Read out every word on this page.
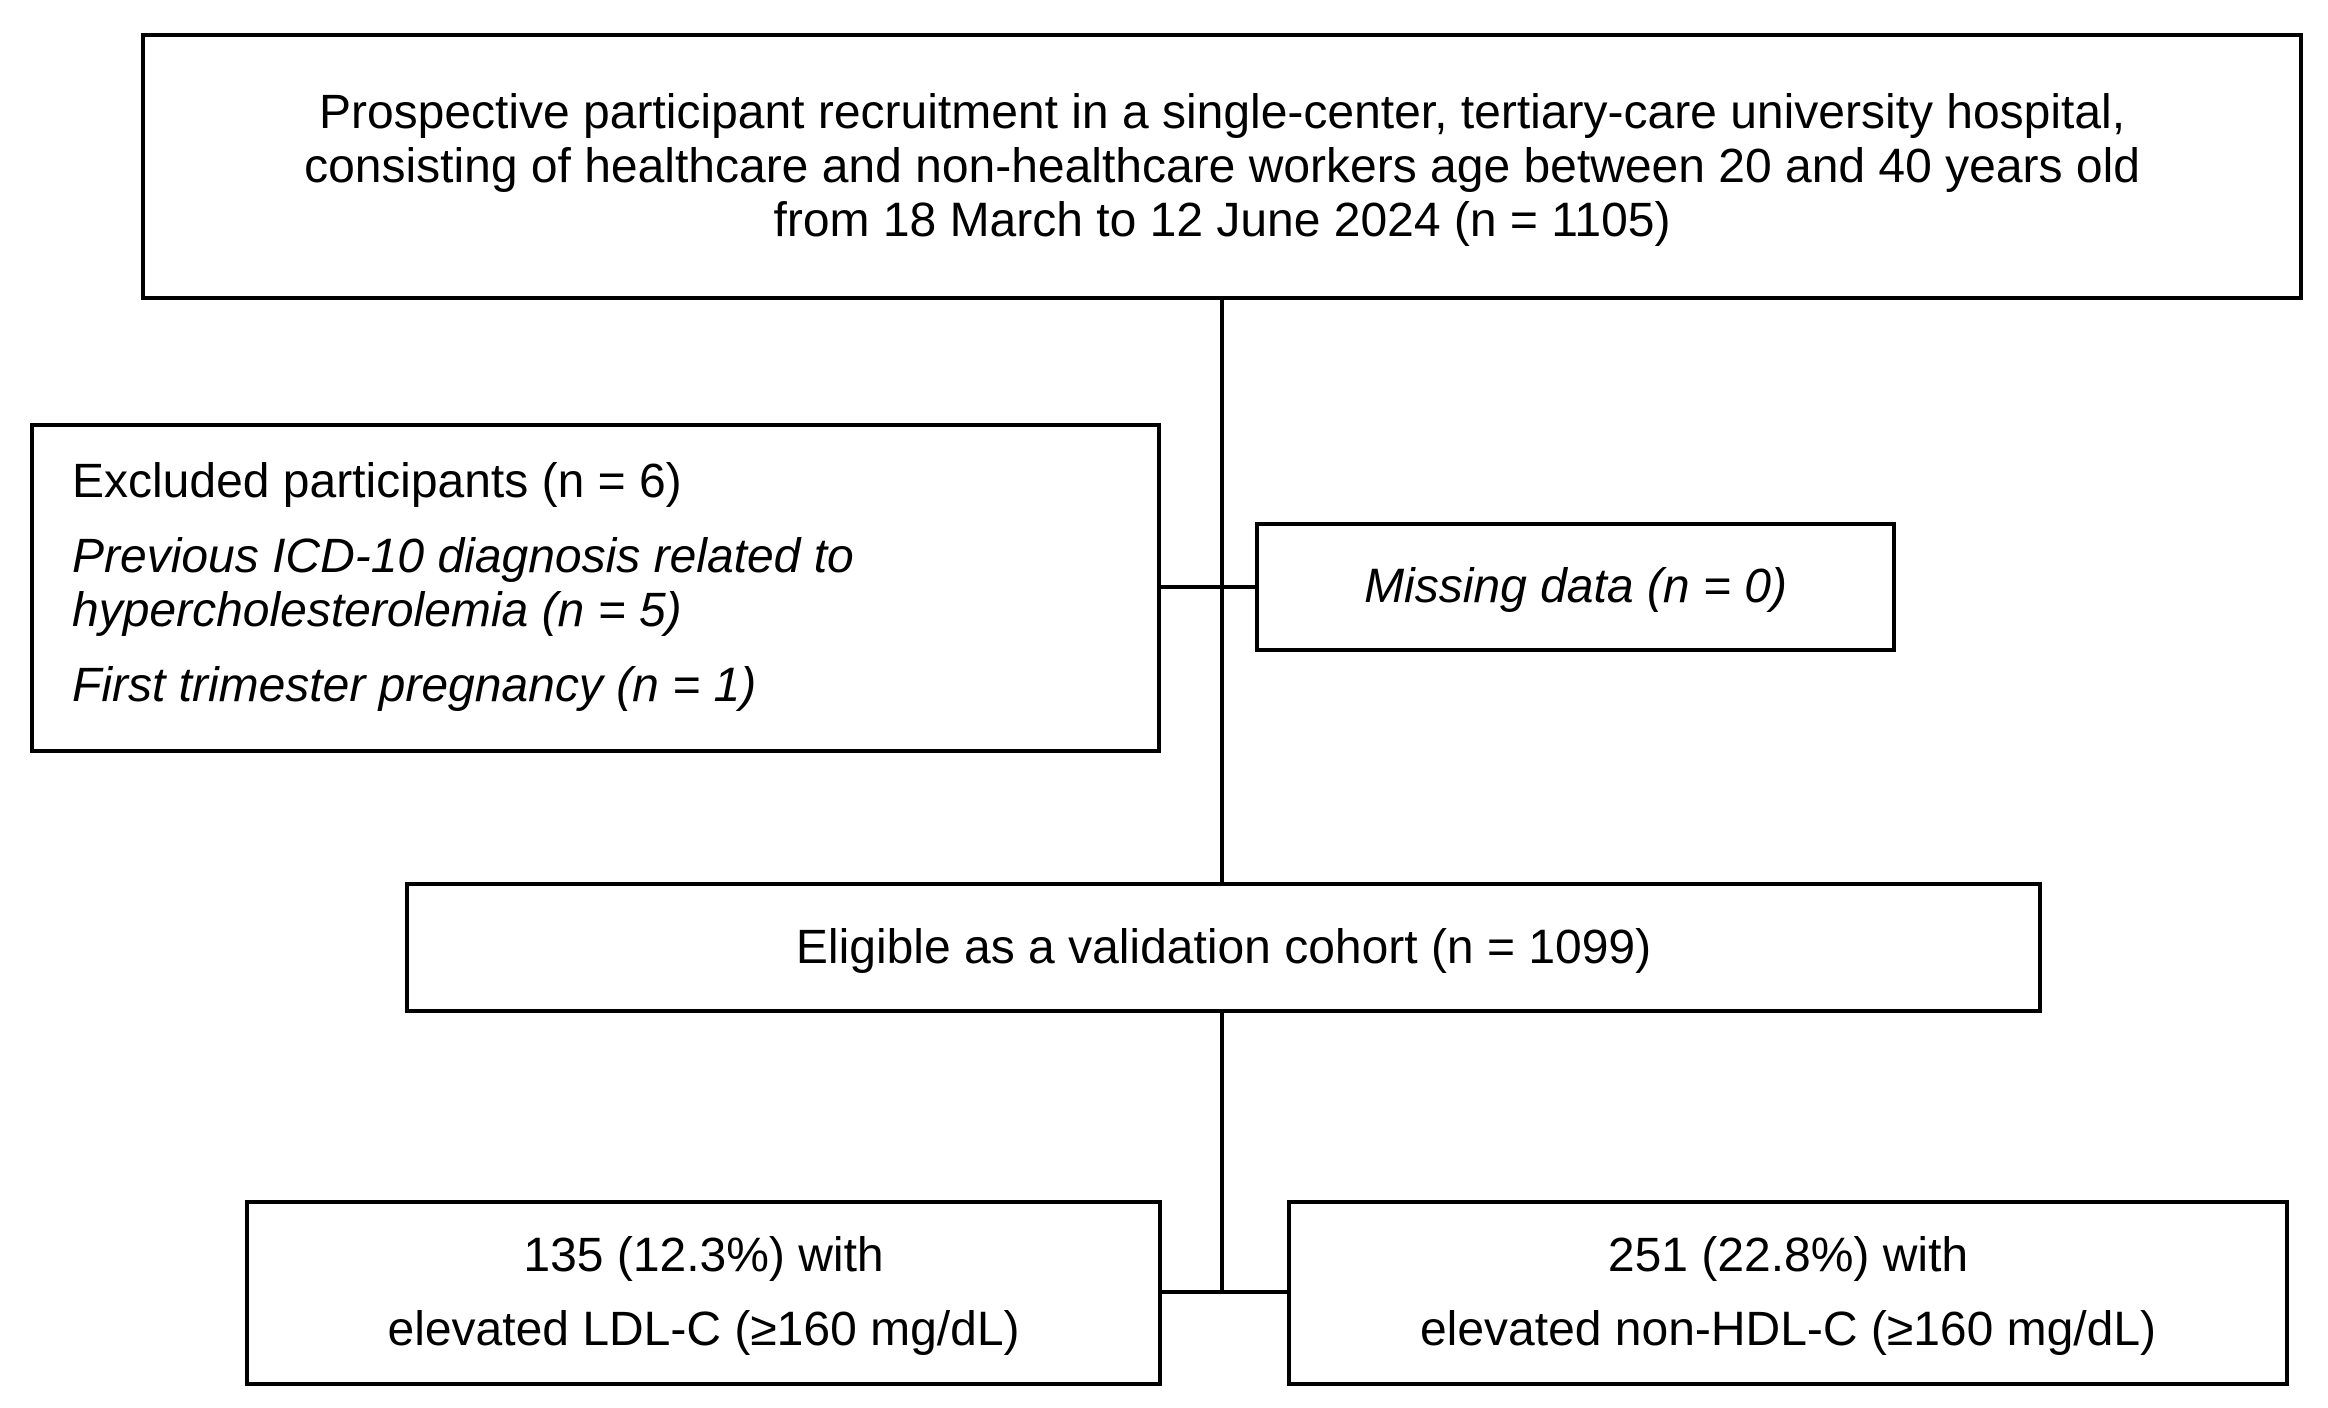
Prospective participant recruitment in a single-center, tertiary-care university hospital,
consisting of healthcare and non-healthcare workers age between 20 and 40 years old
from 18 March to 12 June 2024 (n = 1105)
Excluded participants (n = 6)
Previous ICD-10 diagnosis related to
hypercholesterolemia (n = 5)
First trimester pregnancy (n = 1)
Missing data (n = 0)
Eligible as a validation cohort (n = 1099)
135 (12.3%) with
elevated LDL-C (≥160 mg/dL)
251 (22.8%) with
elevated non-HDL-C (≥160 mg/dL)
